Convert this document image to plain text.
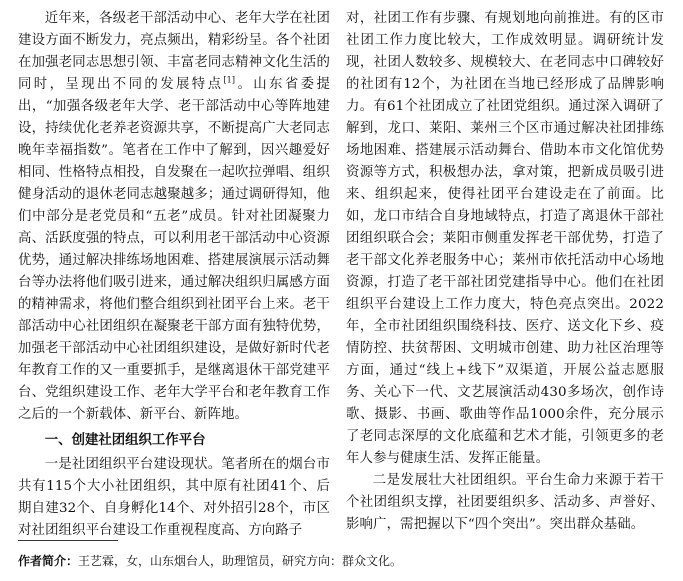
近年来，各级老干部活动中心、老年大学在社团建设方面不断发力，亮点频出，精彩纷呈。各个社团在加强老同志思想引领、丰富老同志精神文化生活的同时，呈现出不同的发展特点[1]。山东省委提出，“加强各级老年大学、老干部活动中心等阵地建设，持续优化老养老资源共享，不断提高广大老同志晚年幸福指数”。笔者在工作中了解到，因兴趣爱好相同、性格特点相投，自发聚在一起吹拉弹唱、组织健身活动的退休老同志越聚越多；通过调研得知，他们中部分是老党员和“五老”成员。针对社团凝聚力高、活跃度强的特点，可以利用老干部活动中心资源优势，通过解决排练场地困难、搭建展演展示活动舞台等办法将他们吸引进来，通过解决组织归属感方面的精神需求，将他们整合组织到社团平台上来。老干部活动中心社团组织在凝聚老干部方面有独特优势，加强老干部活动中心社团组织建设，是做好新时代老年教育工作的又一重要抓手，是继离退休干部党建平台、党组织建设工作、老年大学平台和老年教育工作之后的一个新载体、新平台、新阵地。

一、创建社团组织工作平台

一是社团组织平台建设现状。笔者所在的烟台市共有115个大小社团组织，其中原有社团41个、后期自建32个、自身孵化14个、对外招引28个，市区对社团组织平台建设工作重视程度高、方向路子

对，社团工作有步骤、有规划地向前推进。有的区市社团工作力度比较大，工作成效明显。调研统计发现，社团人数较多、规模较大、在老同志中口碑较好的社团有12个，为社团在当地已经形成了品牌影响力。有61个社团成立了社团党组织。通过深入调研了解到，龙口、莱阳、莱州三个区市通过解决社团排练场地困难、搭建展示活动舞台、借助本市文化馆优势资源等方式，积极想办法，拿对策，把新成员吸引进来、组织起来，使得社团平台建设走在了前面。比如，龙口市结合自身地域特点，打造了离退休干部社团组织联合会；莱阳市侧重发挥老干部优势，打造了老干部文化养老服务中心；莱州市依托活动中心场地资源，打造了老干部社团党建指导中心。他们在社团组织平台建设上工作力度大，特色亮点突出。2022年，全市社团组织围绕科技、医疗、送文化下乡、疫情防控、扶贫帮困、文明城市创建、助力社区治理等方面，通过“线上+线下”双渠道，开展公益志愿服务、关心下一代、文艺展演活动430多场次，创作诗歌、摄影、书画、歌曲等作品1000余件，充分展示了老同志深厚的文化底蕴和艺术才能，引领更多的老年人参与健康生活、发挥正能量。

二是发展壮大社团组织。平台生命力来源于若干个社团组织支撑，社团要组织多、活动多、声誉好、影响广，需把握以下“四个突出”。突出群众基础。

作者简介：王艺霖，女，山东烟台人，助理馆员，研究方向：群众文化。
